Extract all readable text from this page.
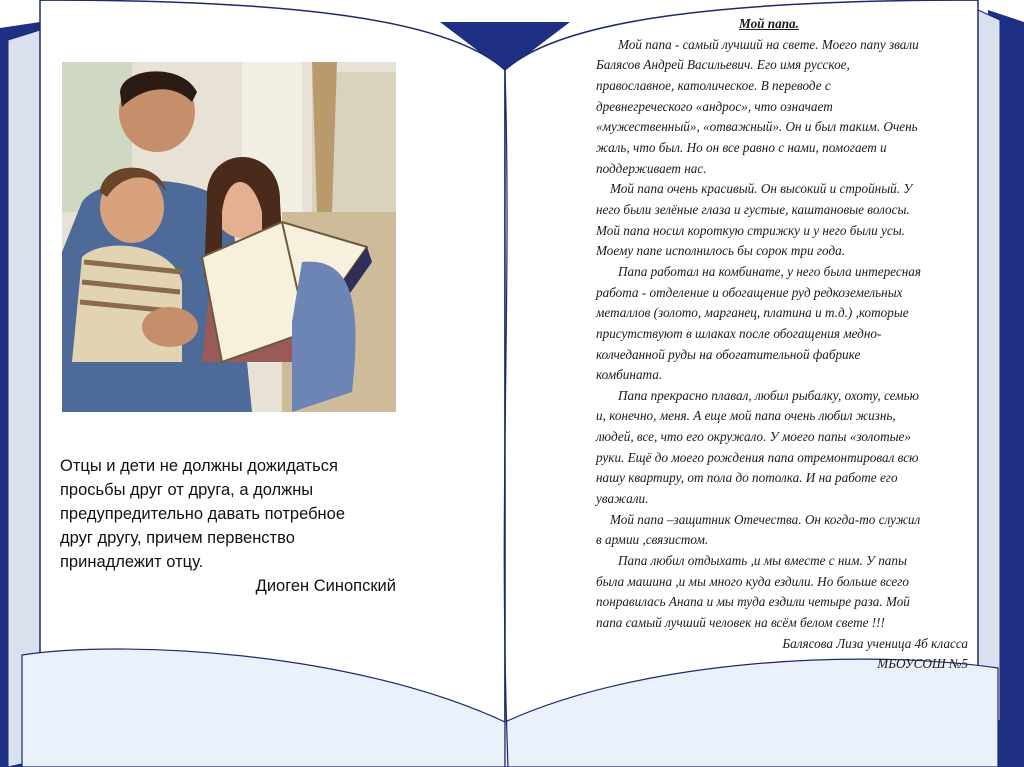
Отцы и дети не должны дожидаться
просьбы друг от друга, а должны
предупредительно давать потребное
друг другу, причем первенство
принадлежит отцу.
Диоген Синопский
Мой папа.
Мой папа - самый лучший на свете. Моего папу звали
Балясов Андрей Васильевич. Его имя русское,
православное, католическое. В переводе с
древнегреческого «андрос», что означает
«мужественный», «отважный». Он и был таким. Очень
жаль, что был. Но он все равно с нами, помогает и
поддерживает нас.
Мой папа очень красивый. Он высокий и стройный. У
него были зелёные глаза и густые, каштановые волосы.
Мой папа носил короткую стрижку и у него были усы.
Моему папе исполнилось бы сорок три года.
Папа работал на комбинате, у него была интересная
работа - отделение и обогащение руд редкоземельных
металлов (золото, марганец, платина и т.д.) ,которые
присутствуют в шлаках после обогащения медно-
колчеданной руды на обогатительной фабрике
комбината.
Папа прекрасно плавал, любил рыбалку, охоту, семью
и, конечно, меня. А еще мой папа очень любил жизнь,
людей, все, что его окружало. У моего папы «золотые»
руки. Ещё до моего рождения папа отремонтировал всю
нашу квартиру, от пола до потолка. И на работе его
уважали.
Мой папа –защитник Отечества. Он когда-то служил
в армии ,связистом.
Папа любил отдыхать ,и мы вместе с ним. У папы
была машина ,и мы много куда ездили. Но больше всего
понравилась Анапа и мы туда ездили четыре раза. Мой
папа самый лучший человек на всём белом свете !!!
Балясова Лиза ученица 4б класса
МБОУСОШ №5
